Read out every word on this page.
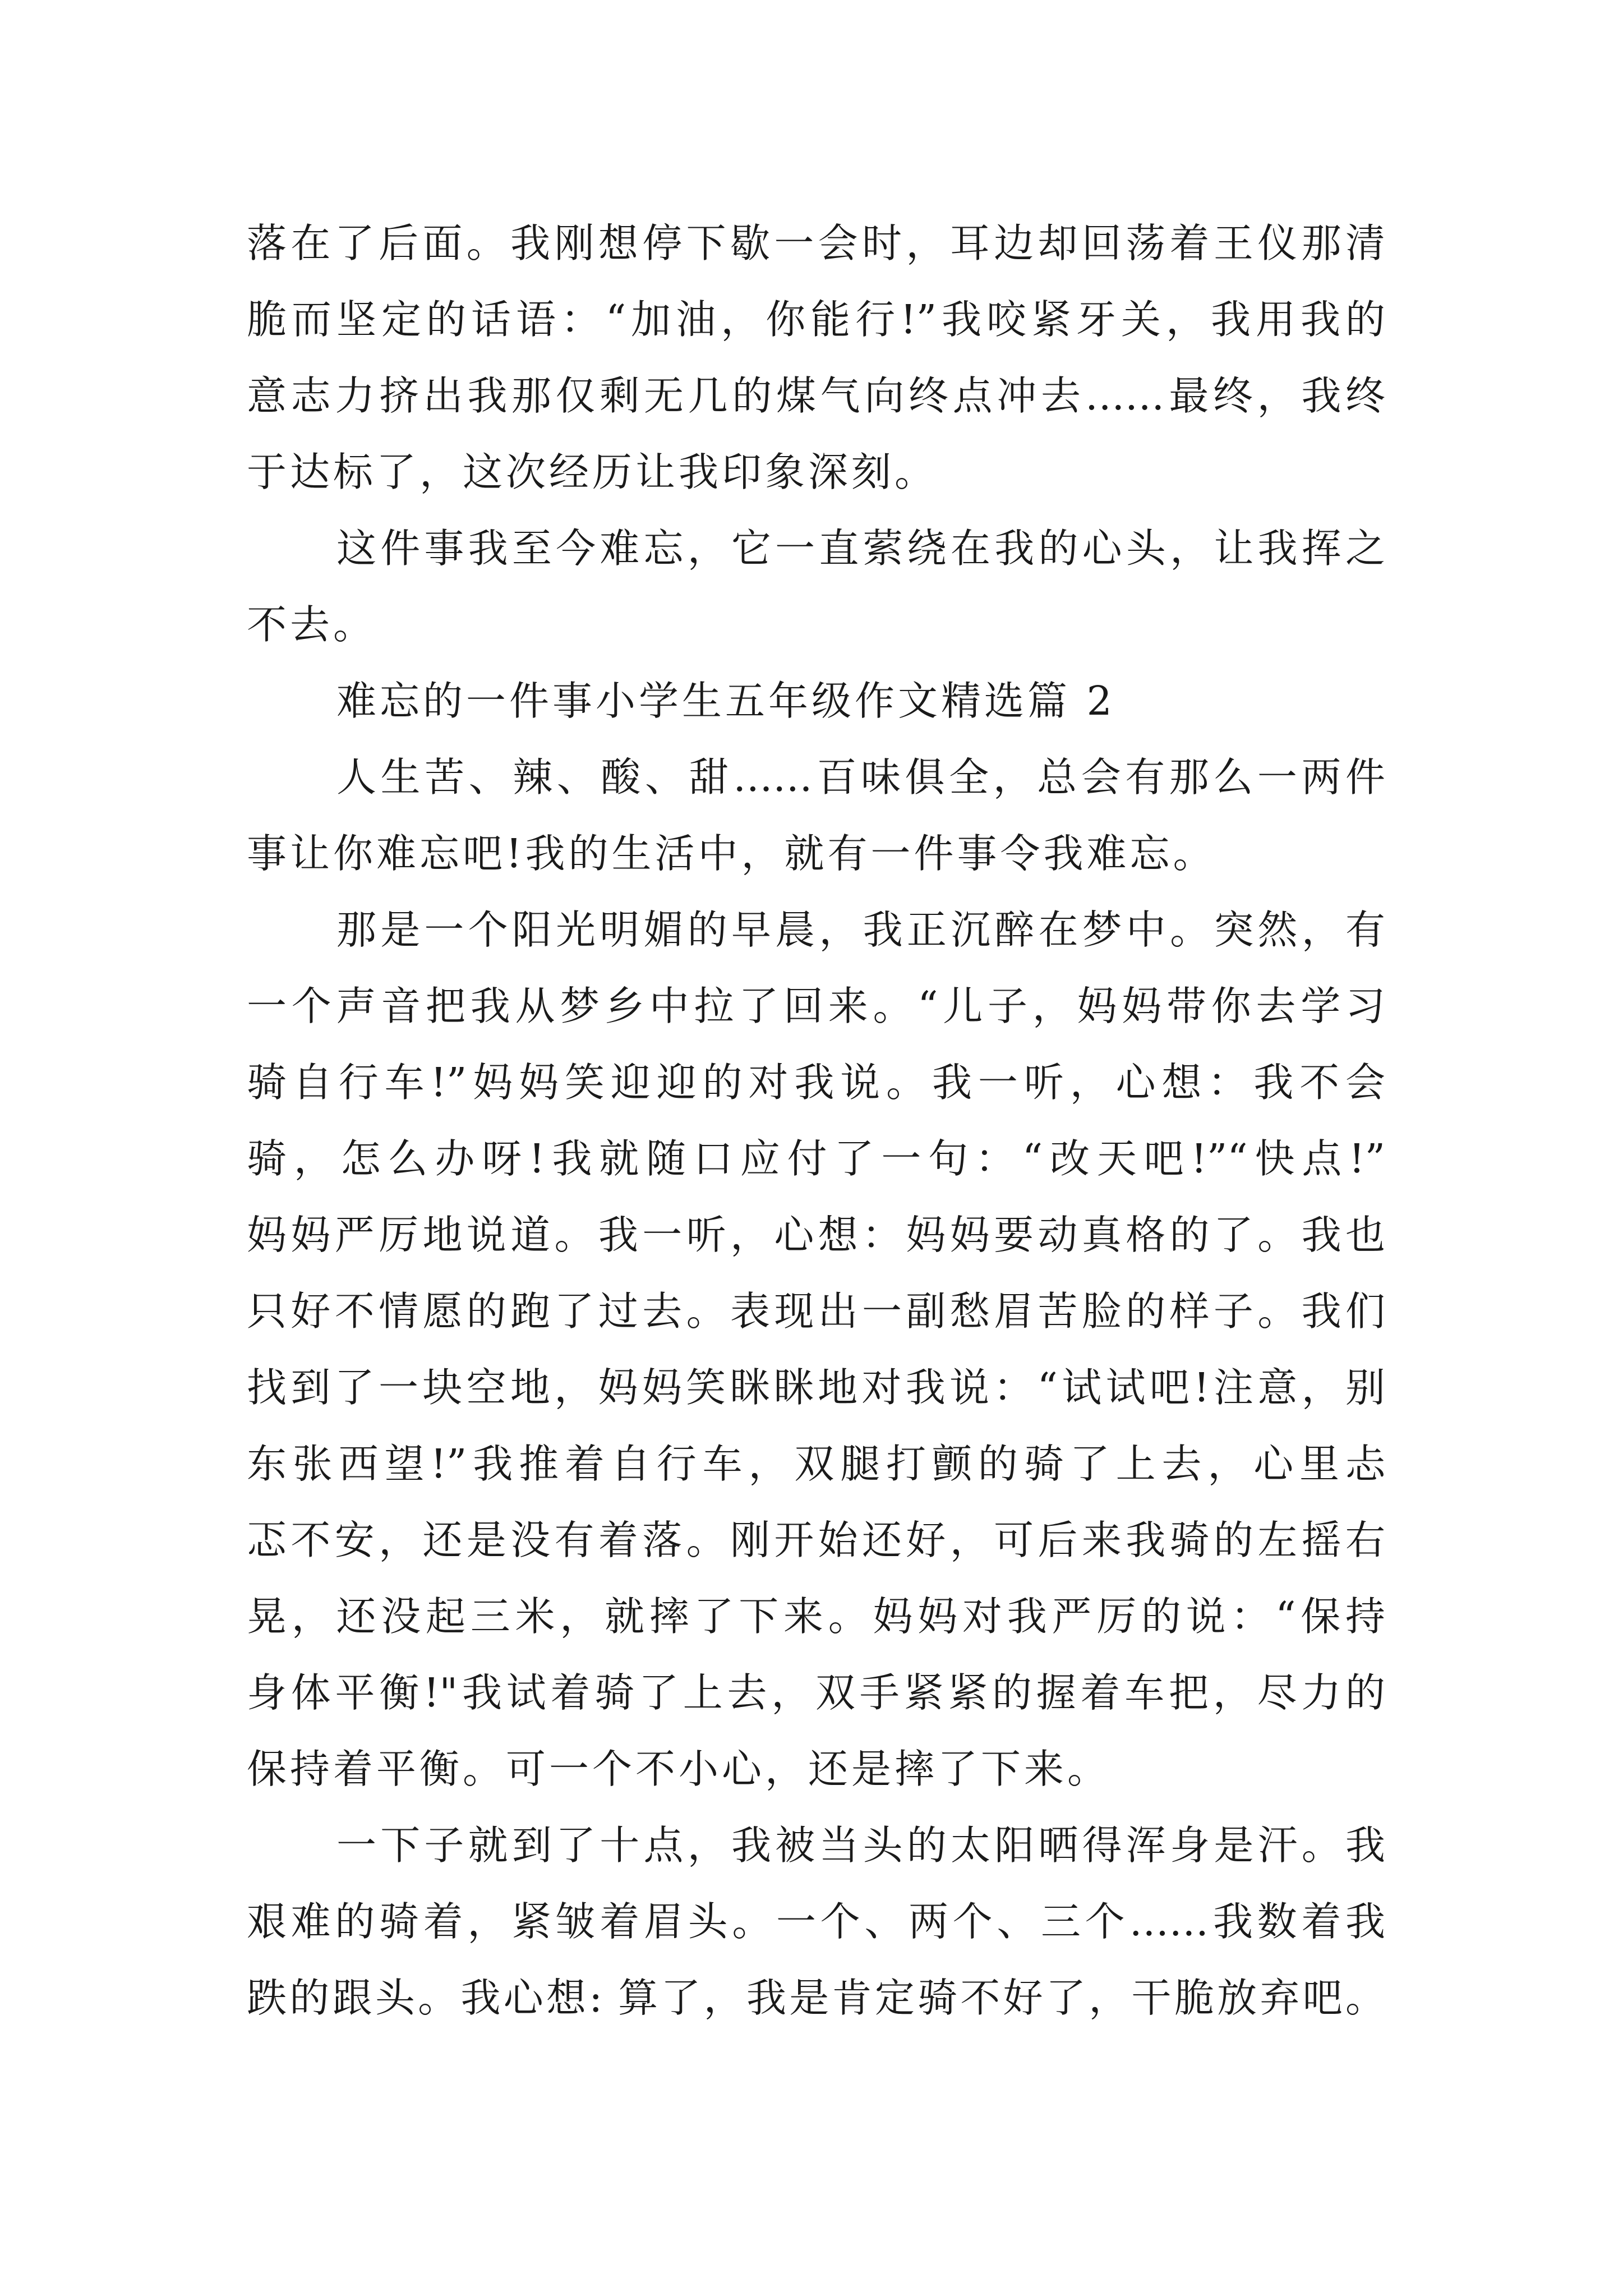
落在了后面。我刚想停下歇一会时，耳边却回荡着王仪那清
脆而坚定的话语：“加油，你能行!”我咬紧牙关，我用我的
意志力挤出我那仅剩无几的煤气向终点冲去……最终，我终
于达标了，这次经历让我印象深刻。
这件事我至今难忘，它一直萦绕在我的心头，让我挥之
不去。
难忘的一件事小学生五年级作文精选篇 2
人生苦、辣、酸、甜……百味俱全，总会有那么一两件
事让你难忘吧!我的生活中，就有一件事令我难忘。
那是一个阳光明媚的早晨，我正沉醉在梦中。突然，有
一个声音把我从梦乡中拉了回来。“儿子，妈妈带你去学习
骑自行车!”妈妈笑迎迎的对我说。我一听，心想：我不会
骑，怎么办呀!我就随口应付了一句：“改天吧!”“快点!”
妈妈严厉地说道。我一听，心想：妈妈要动真格的了。我也
只好不情愿的跑了过去。表现出一副愁眉苦脸的样子。我们
找到了一块空地，妈妈笑眯眯地对我说：“试试吧!注意，别
东张西望!”我推着自行车，双腿打颤的骑了上去，心里忐
忑不安，还是没有着落。刚开始还好，可后来我骑的左摇右
晃，还没起三米，就摔了下来。妈妈对我严厉的说：“保持
身体平衡!"我试着骑了上去，双手紧紧的握着车把，尽力的
保持着平衡。可一个不小心，还是摔了下来。
一下子就到了十点，我被当头的太阳晒得浑身是汗。我
艰难的骑着，紧皱着眉头。一个、两个、三个……我数着我
跌的跟头。我心想: 算了，我是肯定骑不好了，干脆放弃吧。
